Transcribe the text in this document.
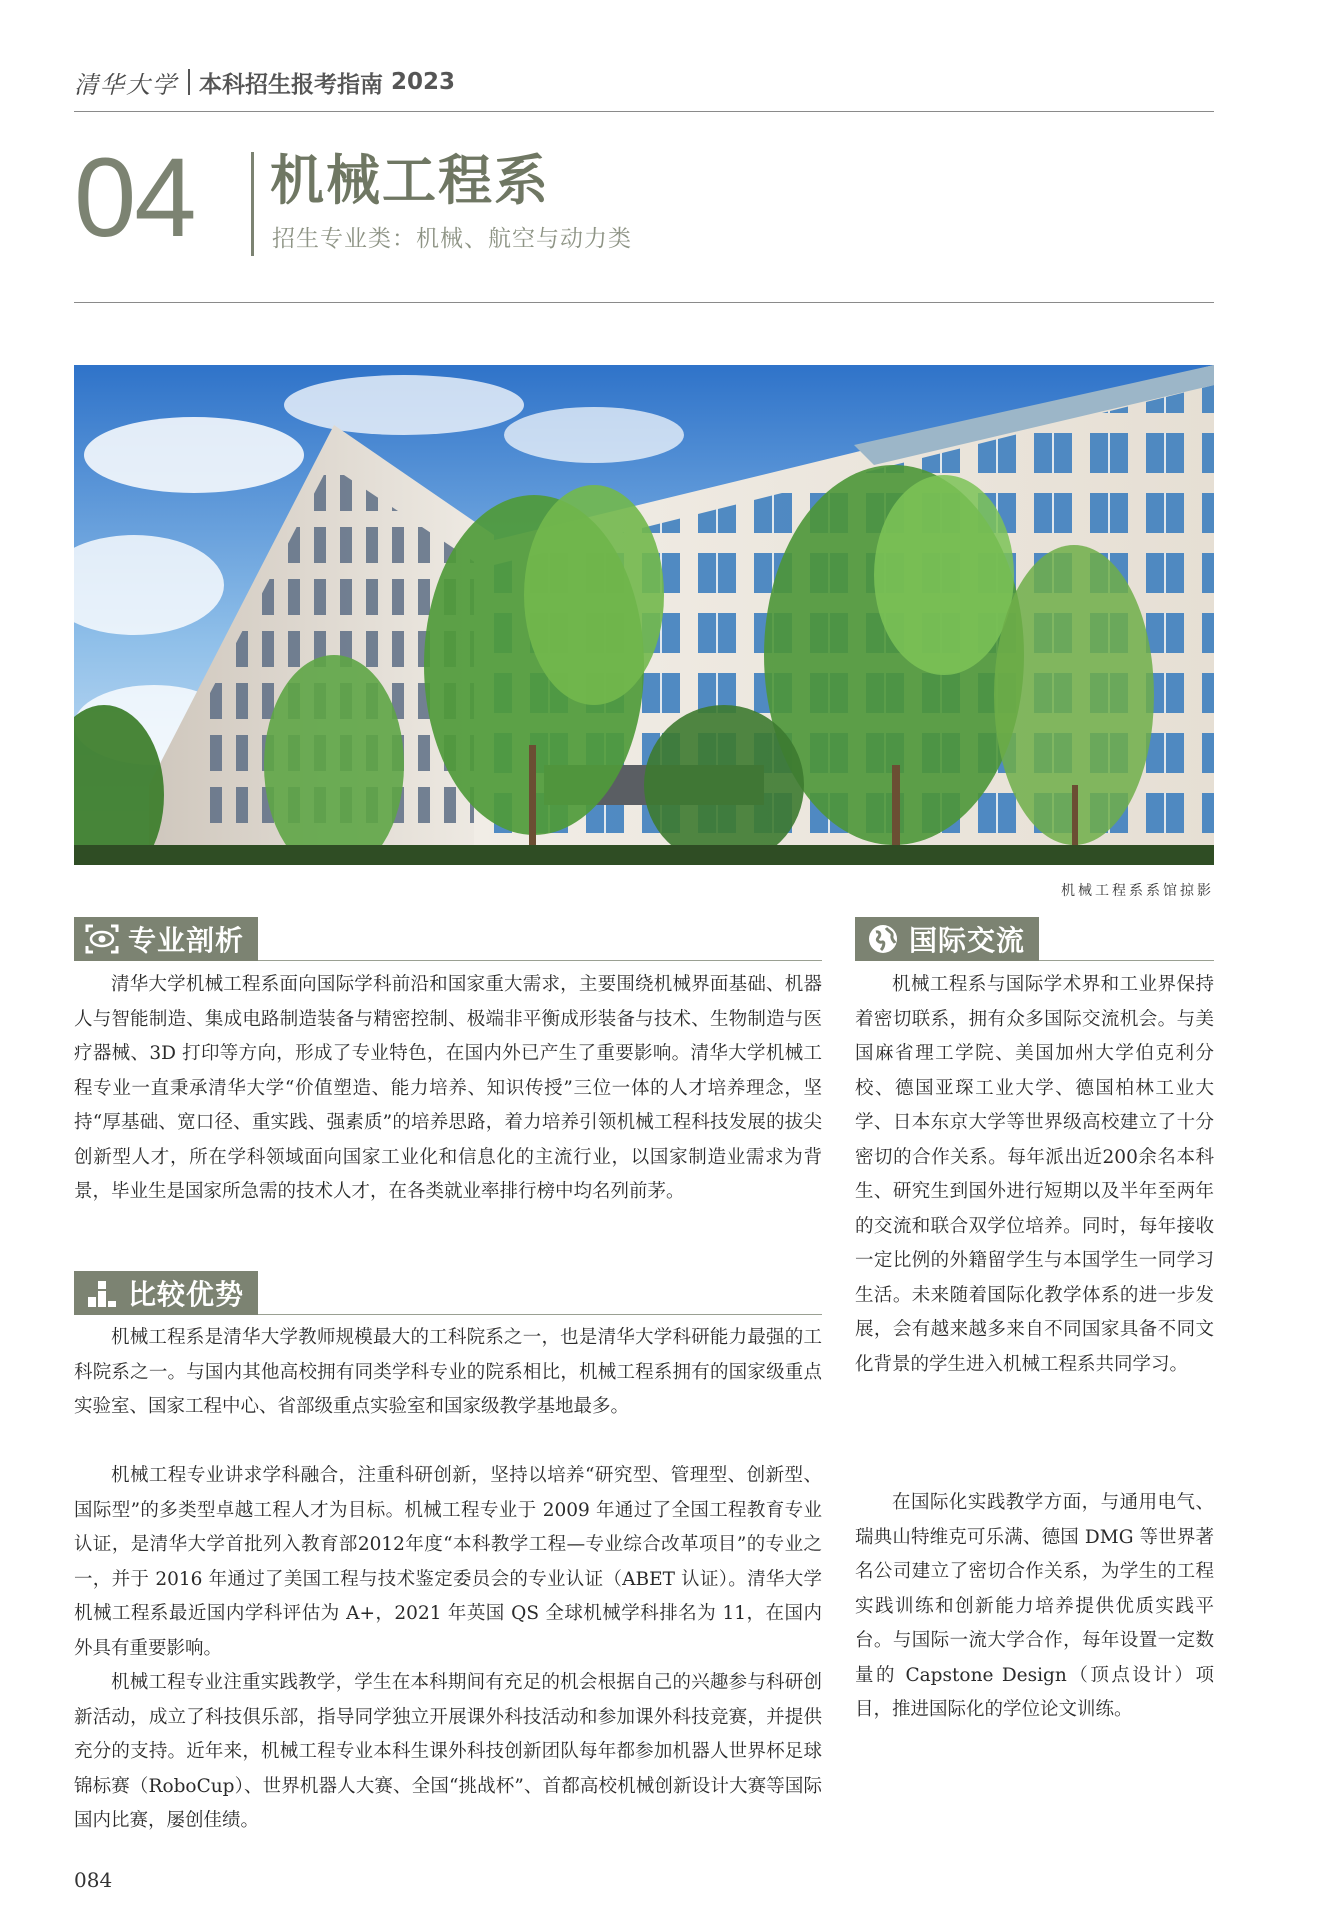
清华大学 本科招生报考指南 2023
04 机械工程系
招生专业类：机械、航空与动力类
机械工程系系馆掠影
专业剖析

清华大学机械工程系面向国际学科前沿和国家重大需求，主要围绕机械界面基础、机器人与智能制造、集成电路制造装备与精密控制、极端非平衡成形装备与技术、生物制造与医疗器械、3D 打印等方向，形成了专业特色，在国内外已产生了重要影响。清华大学机械工程专业一直秉承清华大学“价值塑造、能力培养、知识传授”三位一体的人才培养理念，坚持“厚基础、宽口径、重实践、强素质”的培养思路，着力培养引领机械工程科技发展的拔尖创新型人才，所在学科领域面向国家工业化和信息化的主流行业，以国家制造业需求为背景，毕业生是国家所急需的技术人才，在各类就业率排行榜中均名列前茅。

比较优势

机械工程系是清华大学教师规模最大的工科院系之一，也是清华大学科研能力最强的工科院系之一。与国内其他高校拥有同类学科专业的院系相比，机械工程系拥有的国家级重点实验室、国家工程中心、省部级重点实验室和国家级教学基地最多。

机械工程专业讲求学科融合，注重科研创新，坚持以培养“研究型、管理型、创新型、国际型”的多类型卓越工程人才为目标。机械工程专业于 2009 年通过了全国工程教育专业认证，是清华大学首批列入教育部2012年度“本科教学工程—专业综合改革项目”的专业之一，并于 2016 年通过了美国工程与技术鉴定委员会的专业认证（ABET 认证）。清华大学机械工程系最近国内学科评估为 A+，2021 年英国 QS 全球机械学科排名为 11，在国内外具有重要影响。

机械工程专业注重实践教学，学生在本科期间有充足的机会根据自己的兴趣参与科研创新活动，成立了科技俱乐部，指导同学独立开展课外科技活动和参加课外科技竞赛，并提供充分的支持。近年来，机械工程专业本科生课外科技创新团队每年都参加机器人世界杯足球锦标赛（RoboCup）、世界机器人大赛、全国“挑战杯”、首都高校机械创新设计大赛等国际国内比赛，屡创佳绩。

国际交流

机械工程系与国际学术界和工业界保持着密切联系，拥有众多国际交流机会。与美国麻省理工学院、美国加州大学伯克利分校、德国亚琛工业大学、德国柏林工业大学、日本东京大学等世界级高校建立了十分密切的合作关系。每年派出近200余名本科生、研究生到国外进行短期以及半年至两年的交流和联合双学位培养。同时，每年接收一定比例的外籍留学生与本国学生一同学习生活。未来随着国际化教学体系的进一步发展，会有越来越多来自不同国家具备不同文化背景的学生进入机械工程系共同学习。

在国际化实践教学方面，与通用电气、瑞典山特维克可乐满、德国 DMG 等世界著名公司建立了密切合作关系，为学生的工程实践训练和创新能力培养提供优质实践平台。与国际一流大学合作，每年设置一定数量的 Capstone Design（顶点设计）项目，推进国际化的学位论文训练。

084
